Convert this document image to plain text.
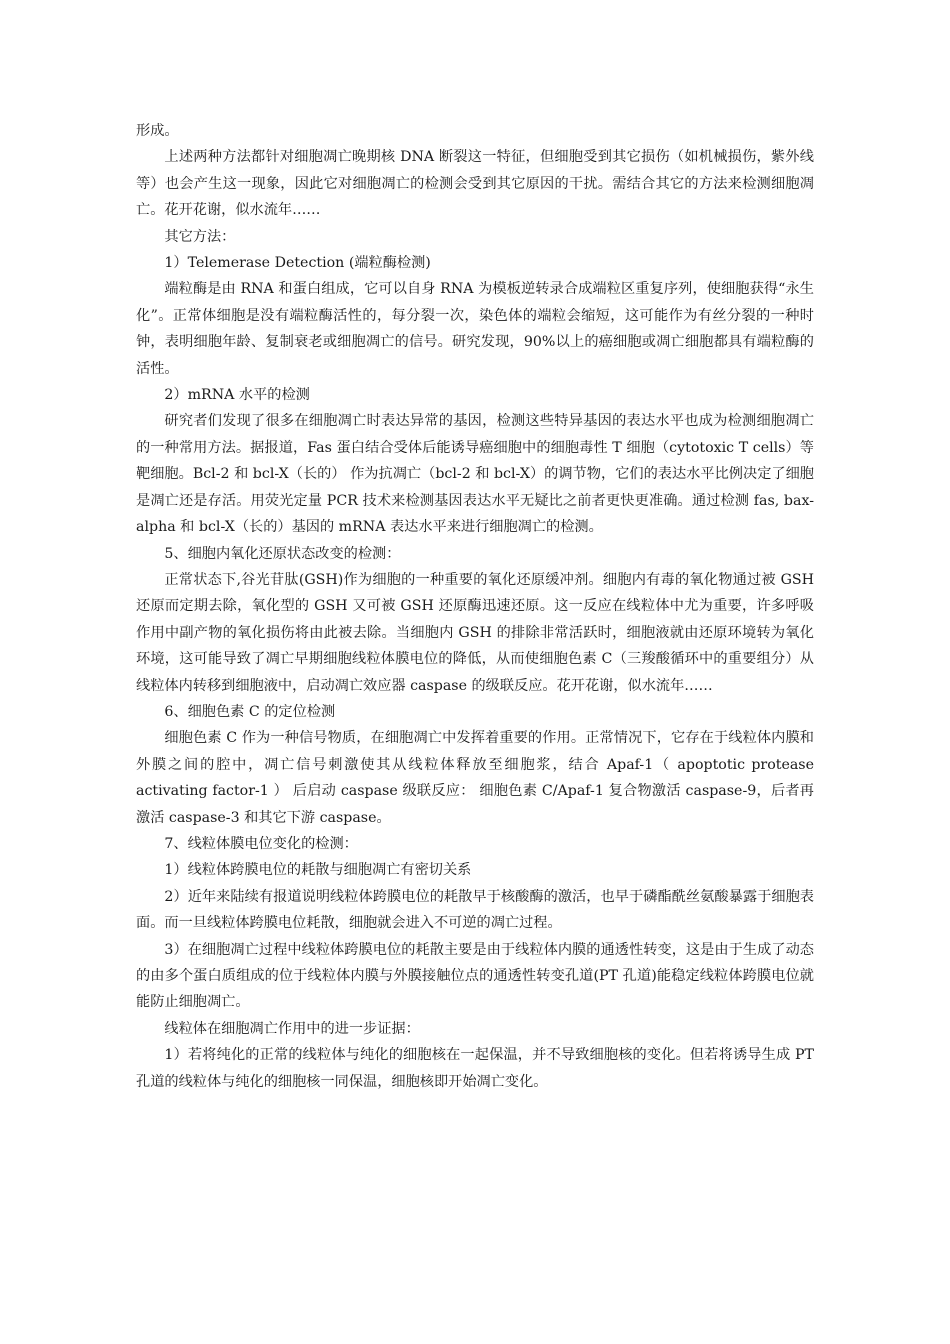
形成。

上述两种方法都针对细胞凋亡晚期核 DNA 断裂这一特征，但细胞受到其它损伤（如机械损伤，紫外线等）也会产生这一现象，因此它对细胞凋亡的检测会受到其它原因的干扰。需结合其它的方法来检测细胞凋亡。花开花谢，似水流年……

其它方法：

1）Telemerase Detection (端粒酶检测)

端粒酶是由 RNA 和蛋白组成，它可以自身 RNA 为模板逆转录合成端粒区重复序列，使细胞获得“永生化”。正常体细胞是没有端粒酶活性的，每分裂一次，染色体的端粒会缩短，这可能作为有丝分裂的一种时钟，表明细胞年龄、复制衰老或细胞凋亡的信号。研究发现，90%以上的癌细胞或凋亡细胞都具有端粒酶的活性。

2）mRNA 水平的检测

研究者们发现了很多在细胞凋亡时表达异常的基因，检测这些特异基因的表达水平也成为检测细胞凋亡的一种常用方法。据报道，Fas 蛋白结合受体后能诱导癌细胞中的细胞毒性 T 细胞（cytotoxic T cells）等靶细胞。Bcl-2 和 bcl-X（长的） 作为抗凋亡（bcl-2 和 bcl-X）的调节物，它们的表达水平比例决定了细胞是凋亡还是存活。用荧光定量 PCR 技术来检测基因表达水平无疑比之前者更快更准确。通过检测 fas, bax-alpha 和 bcl-X（长的）基因的 mRNA 表达水平来进行细胞凋亡的检测。

5、细胞内氧化还原状态改变的检测：

正常状态下,谷光苷肽(GSH)作为细胞的一种重要的氧化还原缓冲剂。细胞内有毒的氧化物通过被 GSH 还原而定期去除，氧化型的 GSH 又可被 GSH 还原酶迅速还原。这一反应在线粒体中尤为重要，许多呼吸作用中副产物的氧化损伤将由此被去除。当细胞内 GSH 的排除非常活跃时，细胞液就由还原环境转为氧化环境，这可能导致了凋亡早期细胞线粒体膜电位的降低，从而使细胞色素 C（三羧酸循环中的重要组分）从线粒体内转移到细胞液中，启动凋亡效应器 caspase 的级联反应。花开花谢，似水流年……

6、细胞色素 C 的定位检测

细胞色素 C 作为一种信号物质，在细胞凋亡中发挥着重要的作用。正常情况下，它存在于线粒体内膜和外膜之间的腔中，凋亡信号刺激使其从线粒体释放至细胞浆，结合 Apaf-1（ apoptotic protease activating factor-1 ） 后启动 caspase 级联反应： 细胞色素 C/Apaf-1 复合物激活 caspase-9，后者再激活 caspase-3 和其它下游 caspase。

7、线粒体膜电位变化的检测：

1）线粒体跨膜电位的耗散与细胞凋亡有密切关系

2）近年来陆续有报道说明线粒体跨膜电位的耗散早于核酸酶的激活，也早于磷酯酰丝氨酸暴露于细胞表面。而一旦线粒体跨膜电位耗散，细胞就会进入不可逆的凋亡过程。

3）在细胞凋亡过程中线粒体跨膜电位的耗散主要是由于线粒体内膜的通透性转变，这是由于生成了动态的由多个蛋白质组成的位于线粒体内膜与外膜接触位点的通透性转变孔道(PT 孔道)能稳定线粒体跨膜电位就能防止细胞凋亡。

线粒体在细胞凋亡作用中的进一步证据：

1）若将纯化的正常的线粒体与纯化的细胞核在一起保温，并不导致细胞核的变化。但若将诱导生成 PT 孔道的线粒体与纯化的细胞核一同保温，细胞核即开始凋亡变化。
